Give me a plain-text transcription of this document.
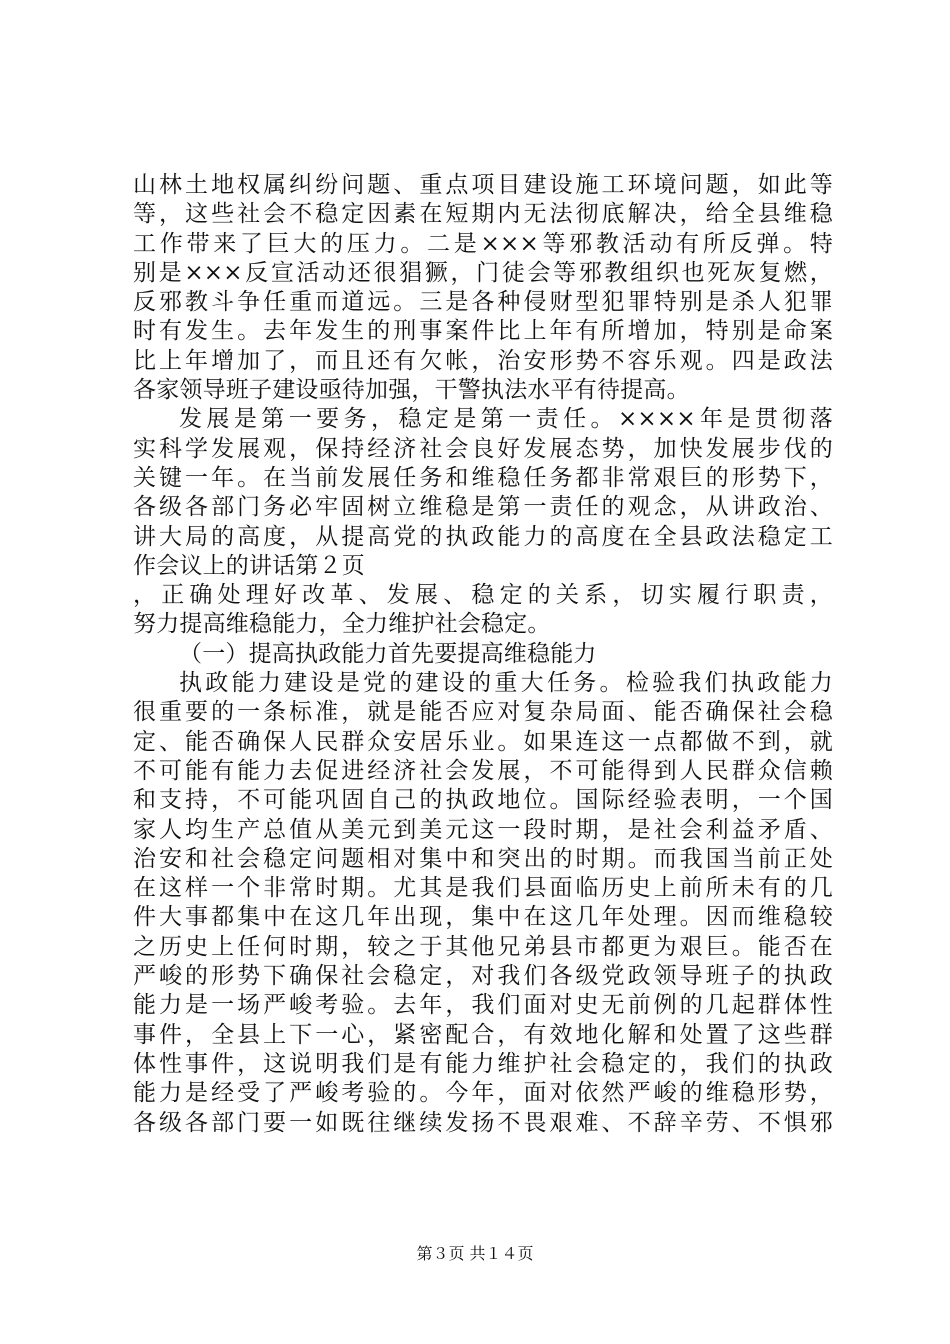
山林土地权属纠纷问题、重点项目建设施工环境问题，如此等
等，这些社会不稳定因素在短期内无法彻底解决，给全县维稳
工作带来了巨大的压力。二是×××等邪教活动有所反弹。特
别是×××反宣活动还很猖獗，门徒会等邪教组织也死灰复燃，
反邪教斗争任重而道远。三是各种侵财型犯罪特别是杀人犯罪
时有发生。去年发生的刑事案件比上年有所增加，特别是命案
比上年增加了，而且还有欠帐，治安形势不容乐观。四是政法
各家领导班子建设亟待加强，干警执法水平有待提高。
发展是第一要务，稳定是第一责任。××××年是贯彻落
实科学发展观，保持经济社会良好发展态势，加快发展步伐的
关键一年。在当前发展任务和维稳任务都非常艰巨的形势下，
各级各部门务必牢固树立维稳是第一责任的观念，从讲政治、
讲大局的高度，从提高党的执政能力的高度在全县政法稳定工
作会议上的讲话第２页
，正确处理好改革、发展、稳定的关系，切实履行职责，
努力提高维稳能力，全力维护社会稳定。
（一）提高执政能力首先要提高维稳能力
执政能力建设是党的建设的重大任务。检验我们执政能力
很重要的一条标准，就是能否应对复杂局面、能否确保社会稳
定、能否确保人民群众安居乐业。如果连这一点都做不到，就
不可能有能力去促进经济社会发展，不可能得到人民群众信赖
和支持，不可能巩固自己的执政地位。国际经验表明，一个国
家人均生产总值从美元到美元这一段时期，是社会利益矛盾、
治安和社会稳定问题相对集中和突出的时期。而我国当前正处
在这样一个非常时期。尤其是我们县面临历史上前所未有的几
件大事都集中在这几年出现，集中在这几年处理。因而维稳较
之历史上任何时期，较之于其他兄弟县市都更为艰巨。能否在
严峻的形势下确保社会稳定，对我们各级党政领导班子的执政
能力是一场严峻考验。去年，我们面对史无前例的几起群体性
事件，全县上下一心，紧密配合，有效地化解和处置了这些群
体性事件，这说明我们是有能力维护社会稳定的，我们的执政
能力是经受了严峻考验的。今年，面对依然严峻的维稳形势，
各级各部门要一如既往继续发扬不畏艰难、不辞辛劳、不惧邪
第３页 共１４页
